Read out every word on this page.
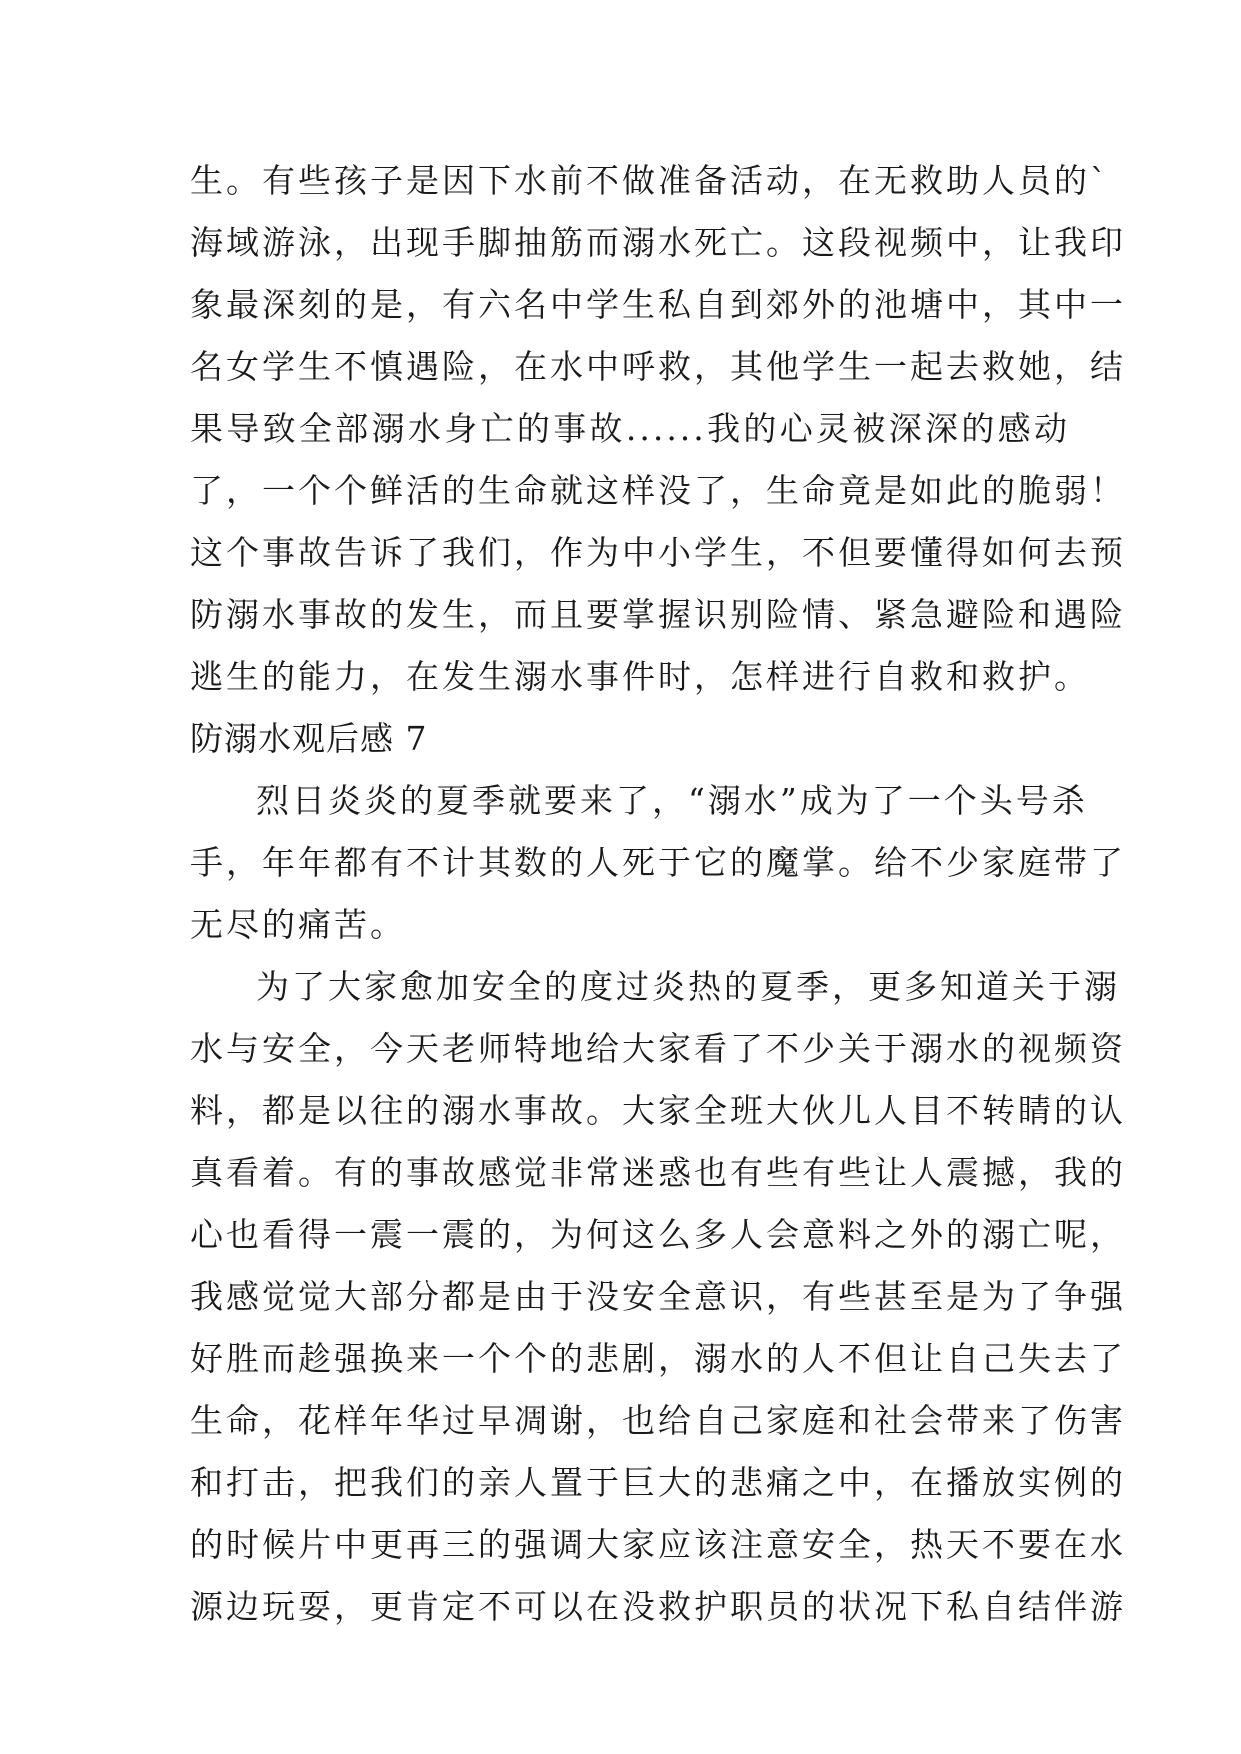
生。有些孩子是因下水前不做准备活动，在无救助人员的`
海域游泳，出现手脚抽筋而溺水死亡。这段视频中，让我印
象最深刻的是，有六名中学生私自到郊外的池塘中，其中一
名女学生不慎遇险，在水中呼救，其他学生一起去救她，结
果导致全部溺水身亡的事故......我的心灵被深深的感动
了，一个个鲜活的生命就这样没了，生命竟是如此的脆弱！
这个事故告诉了我们，作为中小学生，不但要懂得如何去预
防溺水事故的发生，而且要掌握识别险情、紧急避险和遇险
逃生的能力，在发生溺水事件时，怎样进行自救和救护。
防溺水观后感 7
烈日炎炎的夏季就要来了，“溺水”成为了一个头号杀
手，年年都有不计其数的人死于它的魔掌。给不少家庭带了
无尽的痛苦。
为了大家愈加安全的度过炎热的夏季，更多知道关于溺
水与安全，今天老师特地给大家看了不少关于溺水的视频资
料，都是以往的溺水事故。大家全班大伙儿人目不转睛的认
真看着。有的事故感觉非常迷惑也有些有些让人震撼，我的
心也看得一震一震的，为何这么多人会意料之外的溺亡呢，
我感觉觉大部分都是由于没安全意识，有些甚至是为了争强
好胜而趁强换来一个个的悲剧，溺水的人不但让自己失去了
生命，花样年华过早凋谢，也给自己家庭和社会带来了伤害
和打击，把我们的亲人置于巨大的悲痛之中，在播放实例的
的时候片中更再三的强调大家应该注意安全，热天不要在水
源边玩耍，更肯定不可以在没救护职员的状况下私自结伴游
